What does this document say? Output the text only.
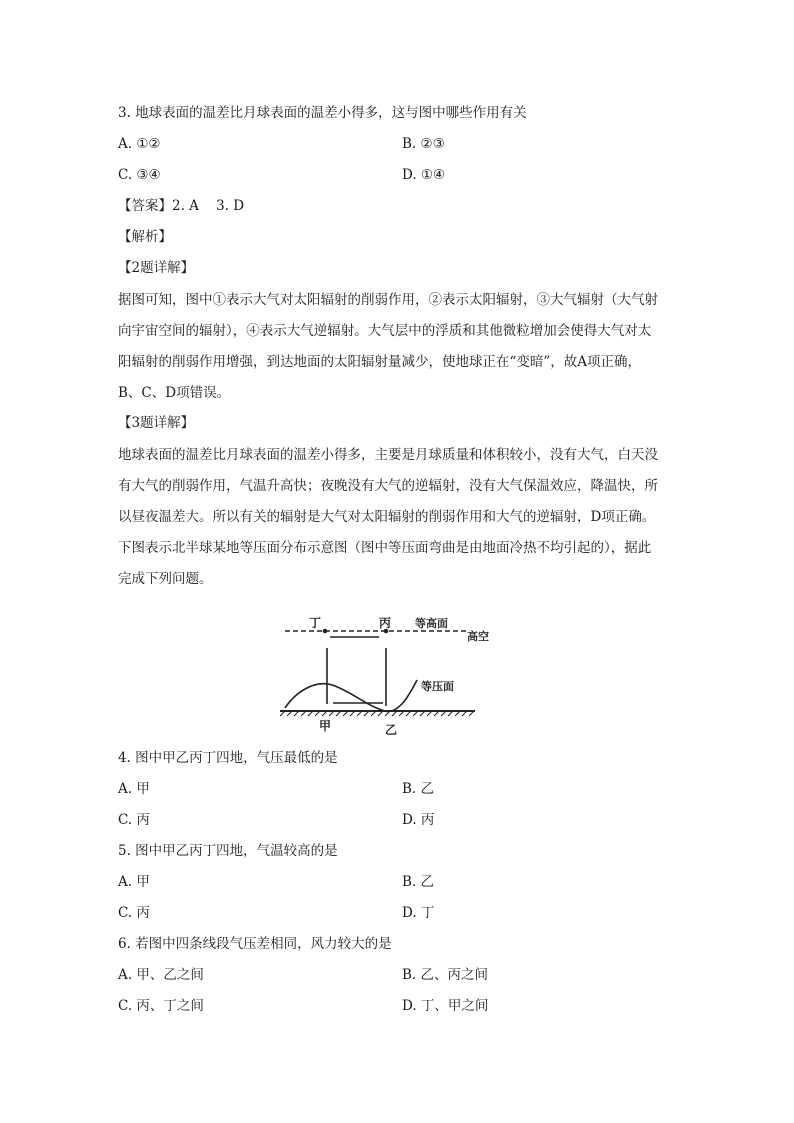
3. 地球表面的温差比月球表面的温差小得多，这与图中哪些作用有关
A. ①②	B. ②③
C. ③④	D. ①④
【答案】2. A    3. D
【解析】
【2题详解】
据图可知，图中①表示大气对太阳辐射的削弱作用，②表示太阳辐射，③大气辐射（大气射
向宇宙空间的辐射），④表示大气逆辐射。大气层中的浮质和其他微粒增加会使得大气对太
阳辐射的削弱作用增强，到达地面的太阳辐射量减少，使地球正在“变暗”，故A项正确，
B、C、D项错误。
【3题详解】
地球表面的温差比月球表面的温差小得多，主要是月球质量和体积较小，没有大气，白天没
有大气的削弱作用，气温升高快；夜晚没有大气的逆辐射，没有大气保温效应，降温快，所
以昼夜温差大。所以有关的辐射是大气对太阳辐射的削弱作用和大气的逆辐射，D项正确。
下图表示北半球某地等压面分布示意图（图中等压面弯曲是由地面冷热不均引起的），据此
完成下列问题。
丁	丙 等高面
高空
等压面
甲	乙
4. 图中甲乙丙丁四地，气压最低的是
A. 甲	B. 乙
C. 丙	D. 丙
5. 图中甲乙丙丁四地，气温较高的是
A. 甲	B. 乙
C. 丙	D. 丁
6. 若图中四条线段气压差相同，风力较大的是
A. 甲、乙之间	B. 乙、丙之间
C. 丙、丁之间	D. 丁、甲之间
